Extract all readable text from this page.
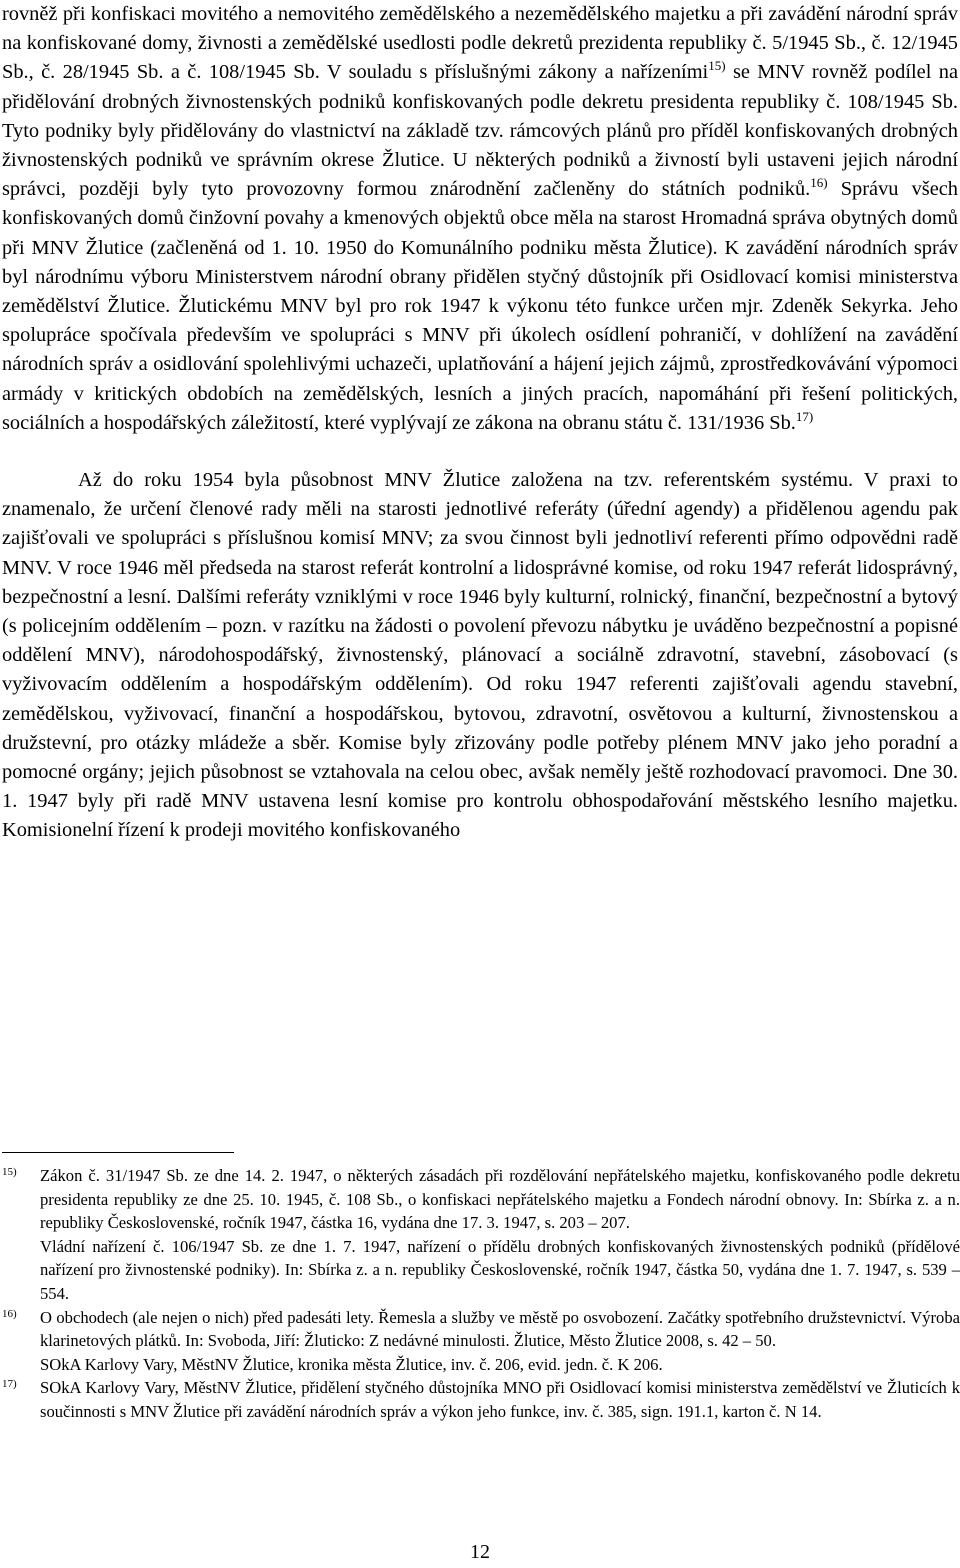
rovněž při konfiskaci movitého a nemovitého zemědělského a nezemědělského majetku a při zavádění národní správ na konfiskované domy, živnosti a zemědělské usedlosti podle dekretů prezidenta republiky č. 5/1945 Sb., č. 12/1945 Sb., č. 28/1945 Sb. a č. 108/1945 Sb. V souladu s příslušnými zákony a nařízeními$^{15)}$ se MNV rovněž podílel na přidělování drobných živnostenských podniků konfiskovaných podle dekretu presidenta republiky č. 108/1945 Sb. Tyto podniky byly přidělovány do vlastnictví na základě tzv. rámcových plánů pro příděl konfiskovaných drobných živnostenských podniků ve správním okrese Žlutice. U některých podniků a živností byli ustaveni jejich národní správci, později byly tyto provozovny formou znárodnění začleněny do státních podniků.$^{16)}$ Správu všech konfiskovaných domů činžovní povahy a kmenových objektů obce měla na starost Hromadná správa obytných domů při MNV Žlutice (začleněná od 1. 10. 1950 do Komunálního podniku města Žlutice). K zavádění národních správ byl národnímu výboru Ministerstvem národní obrany přidělen styčný důstojník při Osidlovací komisi ministerstva zemědělství Žlutice. Žlutickému MNV byl pro rok 1947 k výkonu této funkce určen mjr. Zdeněk Sekyrka. Jeho spolupráce spočívala především ve spolupráci s MNV při úkolech osídlení pohraničí, v dohlížení na zavádění národních správ a osidlování spolehlivými uchazeči, uplatňování a hájení jejich zájmů, zprostředkovávání výpomoci armády v kritických obdobích na zemědělských, lesních a jiných pracích, napomáhání při řešení politických, sociálních a hospodářských záležitostí, které vyplývají ze zákona na obranu státu č. 131/1936 Sb.$^{17)}$

Až do roku 1954 byla působnost MNV Žlutice založena na tzv. referentském systému. V praxi to znamenalo, že určení členové rady měli na starosti jednotlivé referáty (úřední agendy) a přidělenou agendu pak zajišťovali ve spolupráci s příslušnou komisí MNV; za svou činnost byli jednotliví referenti přímo odpovědni radě MNV. V roce 1946 měl předseda na starost referát kontrolní a lidosprávné komise, od roku 1947 referát lidosprávný, bezpečnostní a lesní. Dalšími referáty vzniklými v roce 1946 byly kulturní, rolnický, finanční, bezpečnostní a bytový (s policejním oddělením – pozn. v razítku na žádosti o povolení převozu nábytku je uváděno bezpečnostní a popisné oddělení MNV), národohospodářský, živnostenský, plánovací a sociálně zdravotní, stavební, zásobovací (s vyživovacím oddělením a hospodářským oddělením). Od roku 1947 referenti zajišťovali agendu stavební, zemědělskou, vyživovací, finanční a hospodářskou, bytovou, zdravotní, osvětovou a kulturní, živnostenskou a družstevní, pro otázky mládeže a sběr. Komise byly zřizovány podle potřeby plénem MNV jako jeho poradní a pomocné orgány; jejich působnost se vztahovala na celou obec, avšak neměly ještě rozhodovací pravomoci. Dne 30. 1. 1947 byly při radě MNV ustavena lesní komise pro kontrolu obhospodařování městského lesního majetku. Komisionelní řízení k prodeji movitého konfiskovaného

15) Zákon č. 31/1947 Sb. ze dne 14. 2. 1947, o některých zásadách při rozdělování nepřátelského majetku, konfiskovaného podle dekretu presidenta republiky ze dne 25. 10. 1945, č. 108 Sb., o konfiskaci nepřátelského majetku a Fondech národní obnovy. In: Sbírka z. a n. republiky Československé, ročník 1947, částka 16, vydána dne 17. 3. 1947, s. 203 – 207.

Vládní nařízení č. 106/1947 Sb. ze dne 1. 7. 1947, nařízení o přídělu drobných konfiskovaných živnostenských podniků (přídělové nařízení pro živnostenské podniky). In: Sbírka z. a n. republiky Československé, ročník 1947, částka 50, vydána dne 1. 7. 1947, s. 539 – 554.

16) O obchodech (ale nejen o nich) před padesáti lety. Řemesla a služby ve městě po osvobození. Začátky spotřebního družstevnictví. Výroba klarinetových plátků. In: Svoboda, Jiří: Žluticko: Z nedávné minulosti. Žlutice, Město Žlutice 2008, s. 42 – 50.

SOkA Karlovy Vary, MěstNV Žlutice, kronika města Žlutice, inv. č. 206, evid. jedn. č. K 206.

17) SOkA Karlovy Vary, MěstNV Žlutice, přidělení styčného důstojníka MNO při Osidlovací komisi ministerstva zemědělství ve Žluticích k součinnosti s MNV Žlutice při zavádění národních správ a výkon jeho funkce, inv. č. 385, sign. 191.1, karton č. N 14.

12
